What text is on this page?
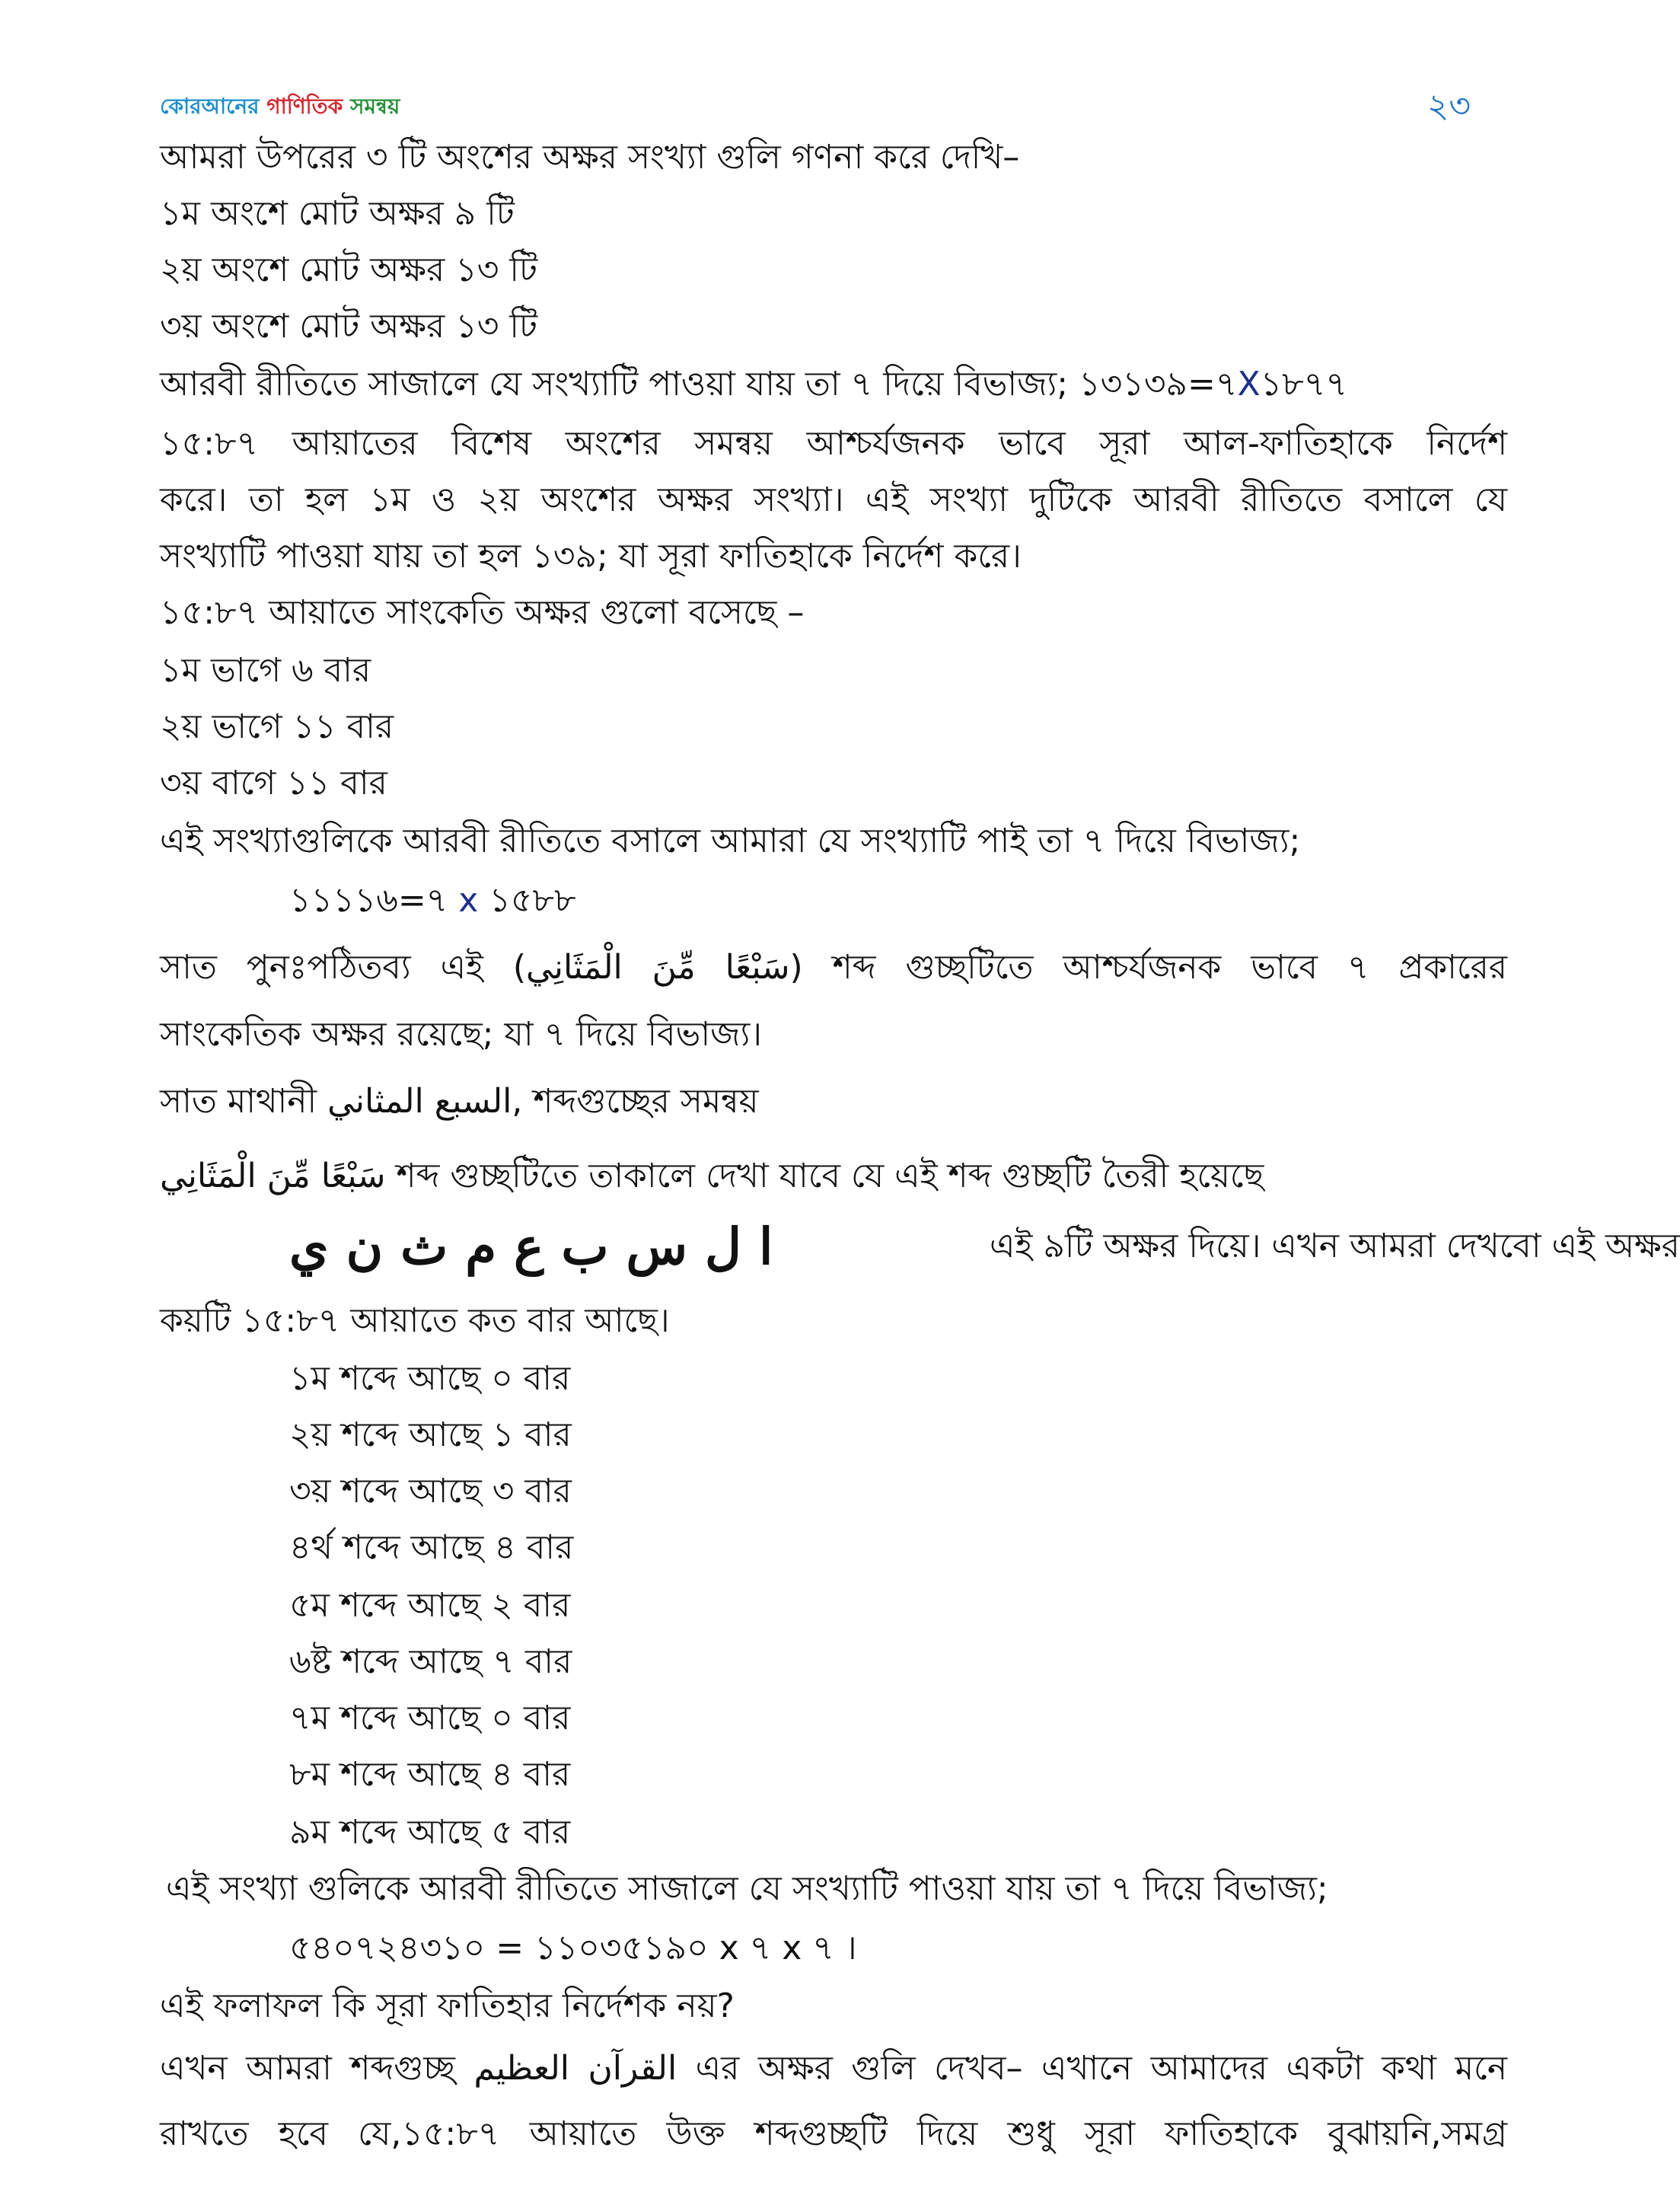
কোরআনের গাণিতিক সমন্বয়	২৩
আমরা উপরের ৩ টি অংশের অক্ষর সংখ্যা গুলি গণনা করে দেখি–
১ম অংশে মোট অক্ষর ৯ টি
২য় অংশে মোট অক্ষর ১৩ টি
৩য় অংশে মোট অক্ষর ১৩ টি
আরবী রীতিতে সাজালে যে সংখ্যাটি পাওয়া যায় তা ৭ দিয়ে বিভাজ্য; ১৩১৩৯=৭X১৮৭৭
১৫:৮৭ আয়াতের বিশেষ অংশের সমন্বয় আশ্চর্যজনক ভাবে সূরা আল-ফাতিহাকে নির্দেশ
করে। তা হল ১ম ও ২য় অংশের অক্ষর সংখ্যা। এই সংখ্যা দুটিকে আরবী রীতিতে বসালে যে
সংখ্যাটি পাওয়া যায় তা হল ১৩৯; যা সূরা ফাতিহাকে নির্দেশ করে।
১৫:৮৭ আয়াতে সাংকেতি অক্ষর গুলো বসেছে –
১ম ভাগে ৬ বার
২য় ভাগে ১১ বার
৩য় বাগে ১১ বার
এই সংখ্যাগুলিকে আরবী রীতিতে বসালে আমারা যে সংখ্যাটি পাই তা ৭ দিয়ে বিভাজ্য;
১১১১৬=৭ x ১৫৮৮
সাত পুনঃপঠিতব্য এই (سَبْعًا مِّنَ الْمَثَانِي) শব্দ গুচ্ছটিতে আশ্চর্যজনক ভাবে ৭ প্রকারের
সাংকেতিক অক্ষর রয়েছে; যা ৭ দিয়ে বিভাজ্য।
সাত মাথানী السبع المثاني, শব্দগুচ্ছের সমন্বয়
سَبْعًا مِّنَ الْمَثَانِي শব্দ গুচ্ছটিতে তাকালে দেখা যাবে যে এই শব্দ গুচ্ছটি তৈরী হয়েছে
ا ل س ب ع م ث ن ي	এই ৯টি অক্ষর দিয়ে। এখন আমরা দেখবো এই অক্ষর
কয়টি ১৫:৮৭ আয়াতে কত বার আছে।
১ম শব্দে আছে ০ বার
২য় শব্দে আছে ১ বার
৩য় শব্দে আছে ৩ বার
৪র্থ শব্দে আছে ৪ বার
৫ম শব্দে আছে ২ বার
৬ষ্ট শব্দে আছে ৭ বার
৭ম শব্দে আছে ০ বার
৮ম শব্দে আছে ৪ বার
৯ম শব্দে আছে ৫ বার
এই সংখ্যা গুলিকে আরবী রীতিতে সাজালে যে সংখ্যাটি পাওয়া যায় তা ৭ দিয়ে বিভাজ্য;
৫৪০৭২৪৩১০ = ১১০৩৫১৯০ x ৭ x ৭ ।
এই ফলাফল কি সূরা ফাতিহার নির্দেশক নয়?
এখন আমরা শব্দগুচ্ছ القرآن العظيم এর অক্ষর গুলি দেখব– এখানে আমাদের একটা কথা মনে
রাখতে হবে যে,১৫:৮৭ আয়াতে উক্ত শব্দগুচ্ছটি দিয়ে শুধু সূরা ফাতিহাকে বুঝায়নি,সমগ্র
